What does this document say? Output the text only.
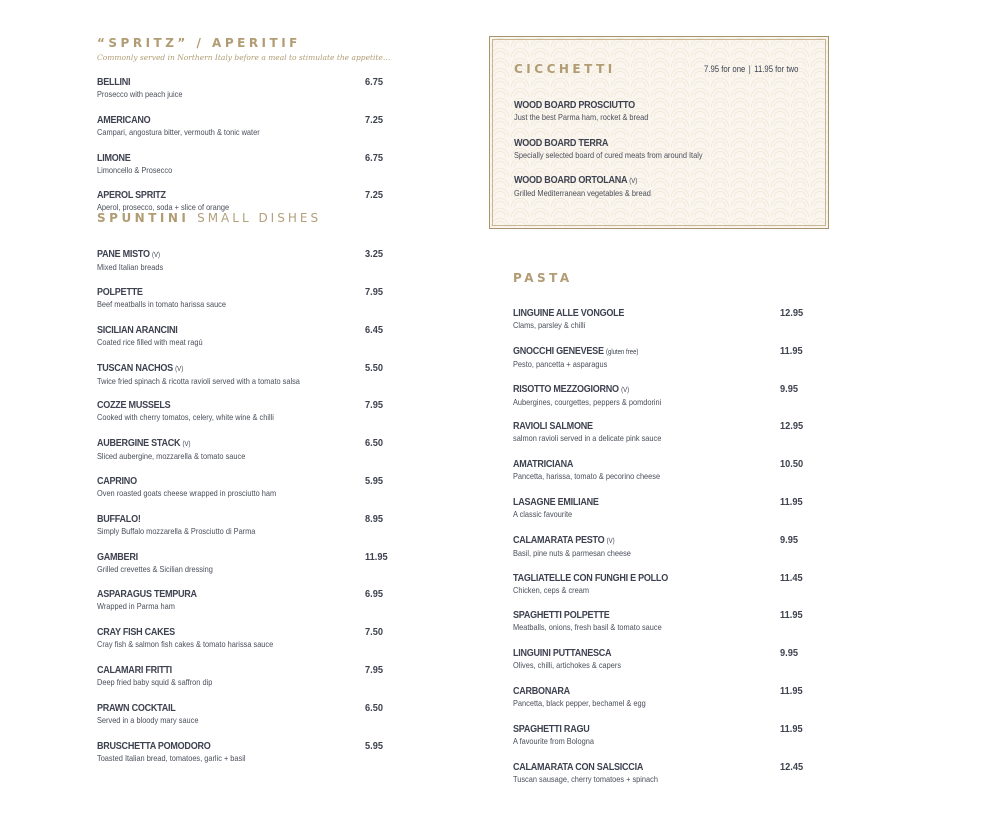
“SPRITZ” / APERITIF
Commonly served in Northern Italy before a meal to stimulate the appetite…
BELLINI
Prosecco with peach juice
6.75
AMERICANO
Campari, angostura bitter, vermouth & tonic water
7.25
LIMONE
Limoncello & Prosecco
6.75
APEROL SPRITZ
Aperol, prosecco, soda + slice of orange
7.25
SPUNTINI SMALL DISHES
PANE MISTO (V)
Mixed Italian breads
3.25
POLPETTE
Beef meatballs in tomato harissa sauce
7.95
SICILIAN ARANCINI
Coated rice filled with meat ragú
6.45
TUSCAN NACHOS (V)
Twice fried spinach & ricotta ravioli served with a tomato salsa
5.50
COZZE MUSSELS
Cooked with cherry tomatos, celery, white wine & chilli
7.95
AUBERGINE STACK (V)
Sliced aubergine, mozzarella & tomato sauce
6.50
CAPRINO
Oven roasted goats cheese wrapped in prosciutto ham
5.95
BUFFALO!
Simply Buffalo mozzarella & Prosciutto di Parma
8.95
GAMBERI
Grilled crevettes & Sicilian dressing
11.95
ASPARAGUS TEMPURA
Wrapped in Parma ham
6.95
CRAY FISH CAKES
Cray fish & salmon fish cakes & tomato harissa sauce
7.50
CALAMARI FRITTI
Deep fried baby squid & saffron dip
7.95
PRAWN COCKTAIL
Served in a bloody mary sauce
6.50
BRUSCHETTA POMODORO
Toasted Italian bread, tomatoes, garlic + basil
5.95
CICCHETTI	7.95 for one | 11.95 for two
WOOD BOARD PROSCIUTTO
Just the best Parma ham, rocket & bread
WOOD BOARD TERRA
Specially selected board of cured meats from around Italy
WOOD BOARD ORTOLANA (V)
Grilled Mediterranean vegetables & bread
PASTA
LINGUINE ALLE VONGOLE
Clams, parsley & chilli
12.95
GNOCCHI GENEVESE (gluten free)
Pesto, pancetta + asparagus
11.95
RISOTTO MEZZOGIORNO (V)
Aubergines, courgettes, peppers & pomdorini
9.95
RAVIOLI SALMONE
salmon ravioli served in a delicate pink sauce
12.95
AMATRICIANA
Pancetta, harissa, tomato & pecorino cheese
10.50
LASAGNE EMILIANE
A classic favourite
11.95
CALAMARATA PESTO (V)
Basil, pine nuts & parmesan cheese
9.95
TAGLIATELLE CON FUNGHI E POLLO
Chicken, ceps & cream
11.45
SPAGHETTI POLPETTE
Meatballs, onions, fresh basil & tomato sauce
11.95
LINGUINI PUTTANESCA
Olives, chilli, artichokes & capers
9.95
CARBONARA
Pancetta, black pepper, bechamel & egg
11.95
SPAGHETTI RAGU
A favourite from Bologna
11.95
CALAMARATA CON SALSICCIA
Tuscan sausage, cherry tomatoes + spinach
12.45
